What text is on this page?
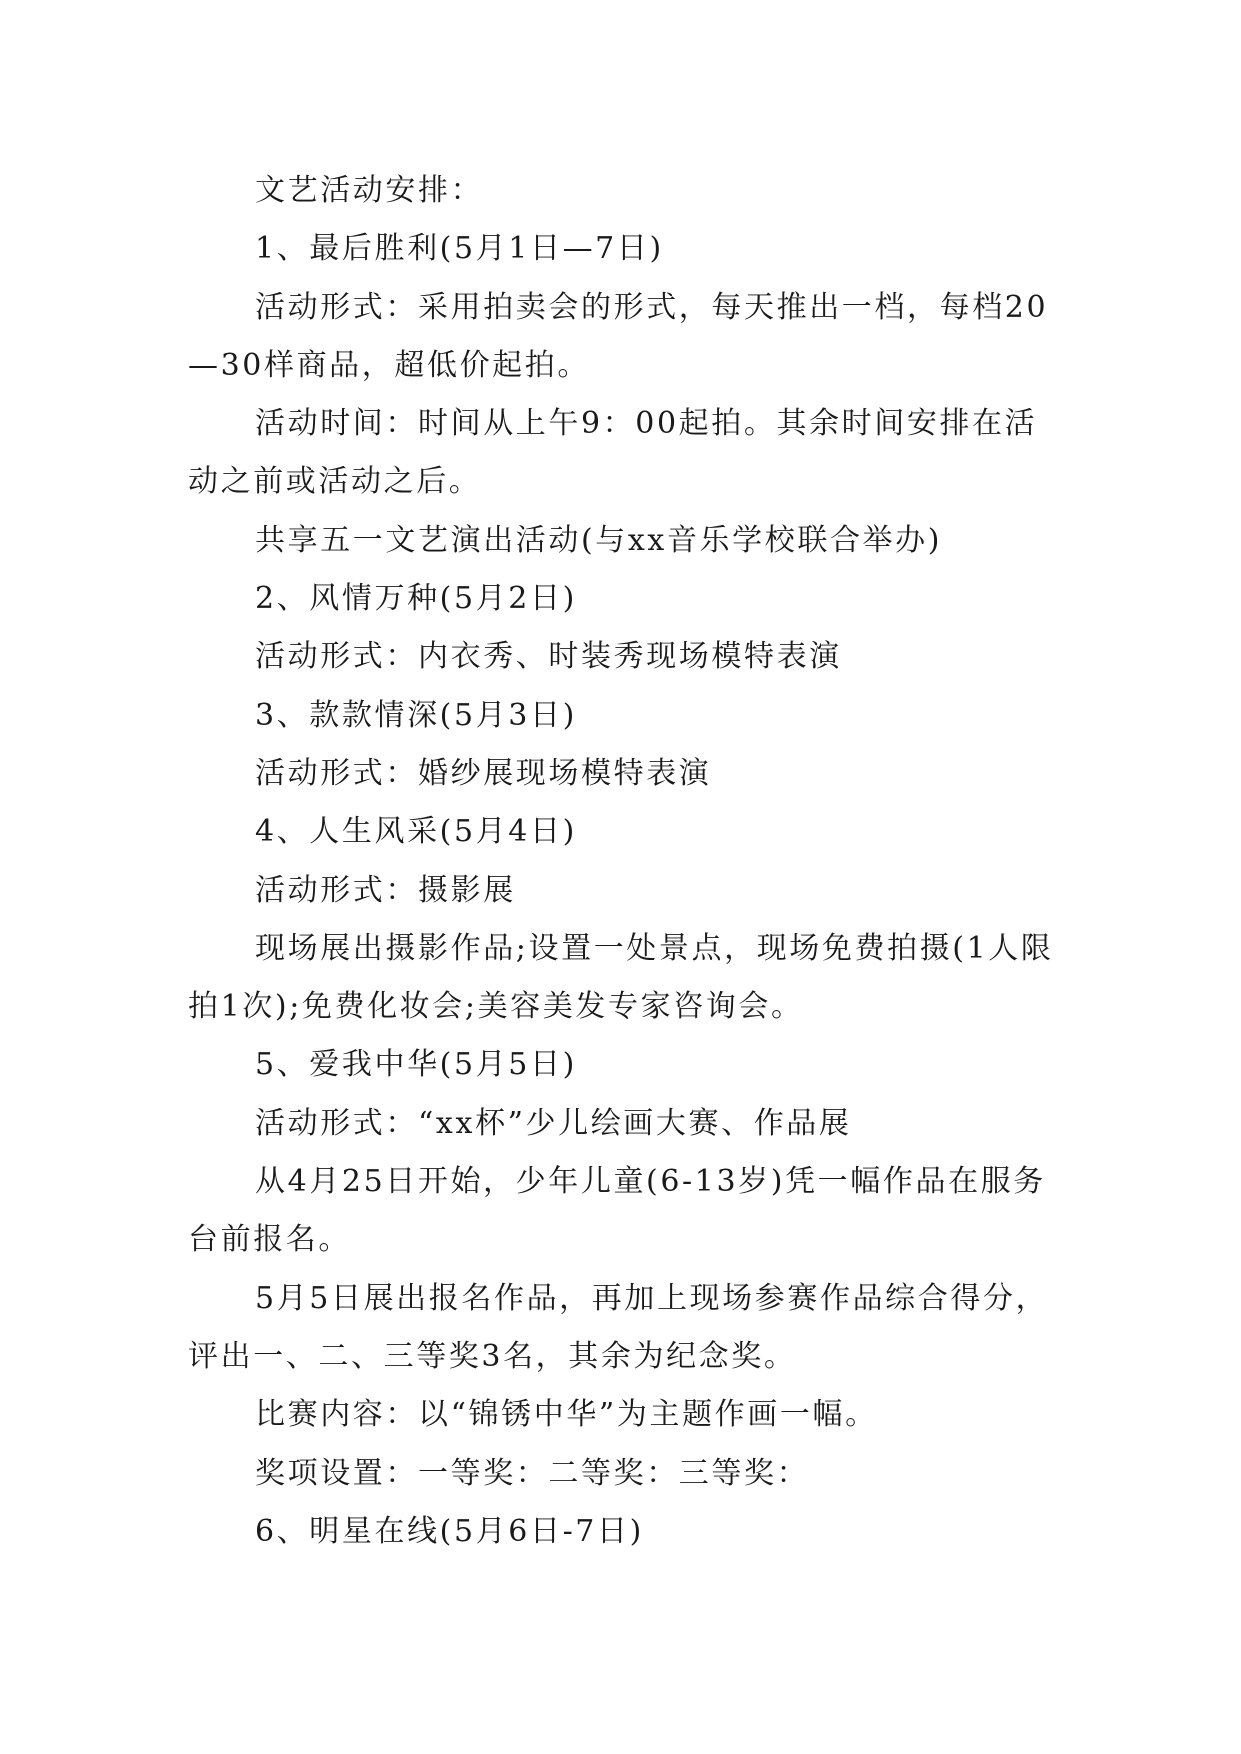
文艺活动安排：

1、最后胜利(5月1日—7日)

活动形式：采用拍卖会的形式，每天推出一档，每档20—30样商品，超低价起拍。

活动时间：时间从上午9：00起拍。其余时间安排在活动之前或活动之后。

共享五一文艺演出活动(与xx音乐学校联合举办)

2、风情万种(5月2日)

活动形式：内衣秀、时装秀现场模特表演

3、款款情深(5月3日)

活动形式：婚纱展现场模特表演

4、人生风采(5月4日)

活动形式：摄影展

现场展出摄影作品;设置一处景点，现场免费拍摄(1人限拍1次);免费化妆会;美容美发专家咨询会。

5、爱我中华(5月5日)

活动形式：“xx杯”少儿绘画大赛、作品展

从4月25日开始，少年儿童(6-13岁)凭一幅作品在服务台前报名。

5月5日展出报名作品，再加上现场参赛作品综合得分，评出一、二、三等奖3名，其余为纪念奖。

比赛内容：以“锦锈中华”为主题作画一幅。

奖项设置：一等奖：二等奖：三等奖：

6、明星在线(5月6日-7日)
